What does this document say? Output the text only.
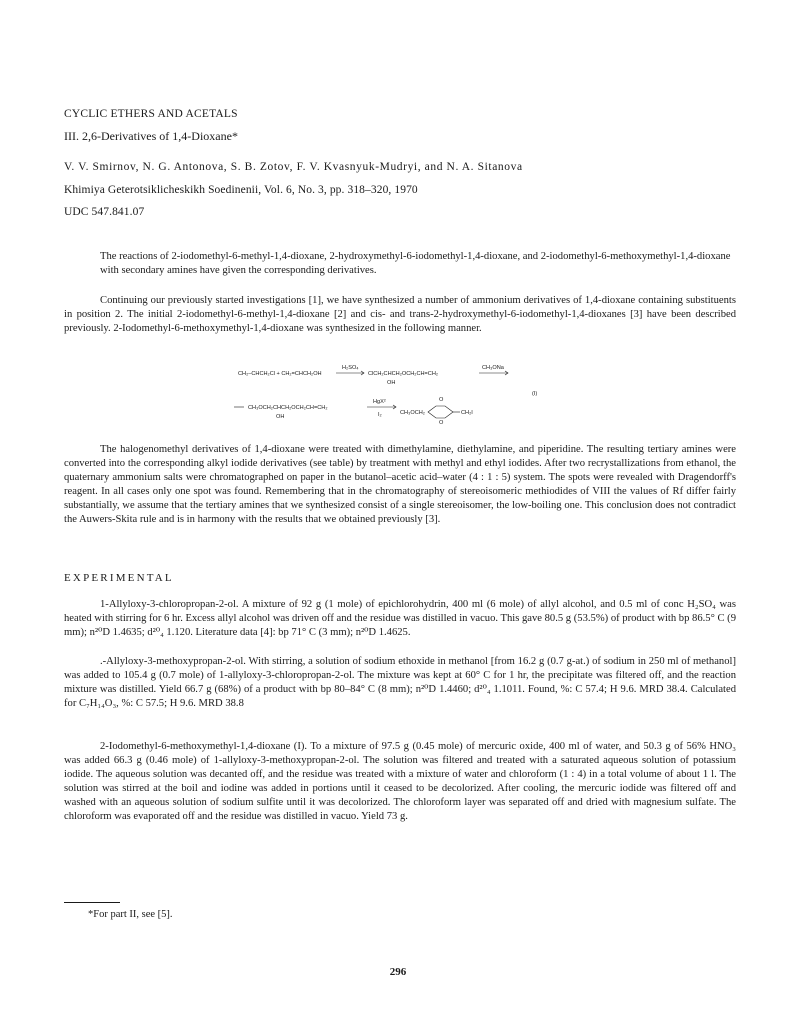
CYCLIC ETHERS AND ACETALS

III. 2,6-Derivatives of 1,4-Dioxane*

V. V. Smirnov, N. G. Antonova, S. B. Zotov, F. V. Kvasnyuk-Mudryi, and N. A. Sitanova

Khimiya Geterotsiklicheskikh Soedinenii, Vol. 6, No. 3, pp. 318–320, 1970

UDC 547.841.07

The reactions of 2-iodomethyl-6-methyl-1,4-dioxane, 2-hydroxymethyl-6-iodomethyl-1,4-dioxane, and 2-iodomethyl-6-methoxymethyl-1,4-dioxane with secondary amines have given the corresponding derivatives.

Continuing our previously started investigations [1], we have synthesized a number of ammonium derivatives of 1,4-dioxane containing substituents in position 2. The initial 2-iodomethyl-6-methyl-1,4-dioxane [2] and cis- and trans-2-hydroxymethyl-6-iodomethyl-1,4-dioxanes [3] have been described previously. 2-Iodomethyl-6-methoxymethyl-1,4-dioxane was synthesized in the following manner.

CH₂–CHCH₂Cl + CH₂=CHCH₂OH
H₂SO₄
ClCH₂CHCH₂OCH₂CH=CH₂
OH
CH₃ONa
CH₃OCH₂CHCH₂OCH₂CH=CH₂
OH
HgX²
I₂	CH₃OCH₂
O
O
CH₂I
(I)

The halogenomethyl derivatives of 1,4-dioxane were treated with dimethylamine, diethylamine, and piperidine. The resulting tertiary amines were converted into the corresponding alkyl iodide derivatives (see table) by treatment with methyl and ethyl iodides. After two recrystallizations from ethanol, the quaternary ammonium salts were chromatographed on paper in the butanol–acetic acid–water (4 : 1 : 5) system. The spots were revealed with Dragendorff's reagent. In all cases only one spot was found. Remembering that in the chromatography of stereoisomeric methiodides of VIII the values of Rf differ fairly substantially, we assume that the tertiary amines that we synthesized consist of a single stereoisomer, the low-boiling one. This conclusion does not contradict the Auwers-Skita rule and is in harmony with the results that we obtained previously [3].

EXPERIMENTAL

1-Allyloxy-3-chloropropan-2-ol. A mixture of 92 g (1 mole) of epichlorohydrin, 400 ml (6 mole) of allyl alcohol, and 0.5 ml of conc H₂SO₄ was heated with stirring for 6 hr. Excess allyl alcohol was driven off and the residue was distilled in vacuo. This gave 80.5 g (53.5%) of product with bp 86.5° C (9 mm); n²⁰D 1.4635; d²⁰₄ 1.120. Literature data [4]: bp 71° C (3 mm); n²⁰D 1.4625.

.-Allyloxy-3-methoxypropan-2-ol. With stirring, a solution of sodium ethoxide in methanol [from 16.2 g (0.7 g-at.) of sodium in 250 ml of methanol] was added to 105.4 g (0.7 mole) of 1-allyloxy-3-chloropropan-2-ol. The mixture was kept at 60° C for 1 hr, the precipitate was filtered off, and the reaction mixture was distilled. Yield 66.7 g (68%) of a product with bp 80–84° C (8 mm); n²⁰D 1.4460; d²⁰₄ 1.1011. Found, %: C 57.4; H 9.6. MRD 38.4. Calculated for C₇H₁₄O₃, %: C 57.5; H 9.6. MRD 38.8

2-Iodomethyl-6-methoxymethyl-1,4-dioxane (I). To a mixture of 97.5 g (0.45 mole) of mercuric oxide, 400 ml of water, and 50.3 g of 56% HNO₃ was added 66.3 g (0.46 mole) of 1-allyloxy-3-methoxypropan-2-ol. The solution was filtered and treated with a saturated aqueous solution of potassium iodide. The aqueous solution was decanted off, and the residue was treated with a mixture of water and chloroform (1 : 4) in a total volume of about 1 l. The solution was stirred at the boil and iodine was added in portions until it ceased to be decolorized. After cooling, the mercuric iodide was filtered off and washed with an aqueous solution of sodium sulfite until it was decolorized. The chloroform layer was separated off and dried with magnesium sulfate. The chloroform was evaporated off and the residue was distilled in vacuo. Yield 73 g.

*For part II, see [5].

296
